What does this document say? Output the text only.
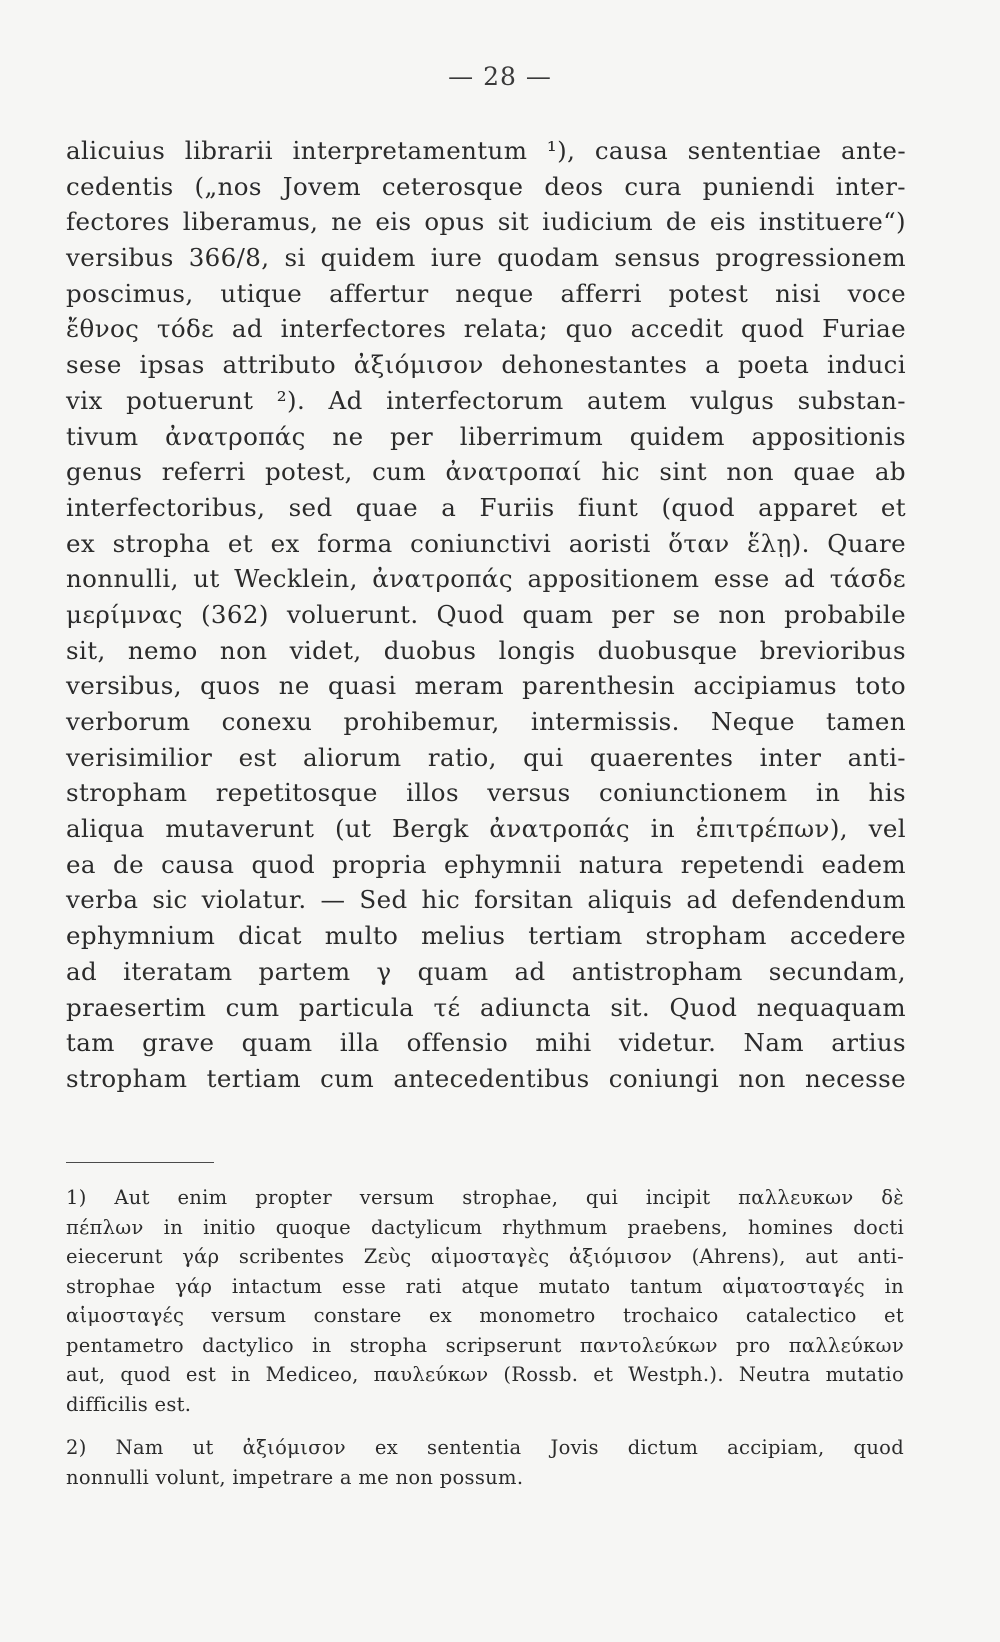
— 28 —
alicuius librarii interpretamentum ¹), causa sententiae ante-
cedentis („nos Jovem ceterosque deos cura puniendi inter-
fectores liberamus, ne eis opus sit iudicium de eis instituere“)
versibus 366/8, si quidem iure quodam sensus progressionem
poscimus, utique affertur neque afferri potest nisi voce
ἔθνος τόδε ad interfectores relata; quo accedit quod Furiae
sese ipsas attributo ἀξιόμισον dehonestantes a poeta induci
vix potuerunt ²). Ad interfectorum autem vulgus substan-
tivum ἀνατροπάς ne per liberrimum quidem appositionis
genus referri potest, cum ἀνατροπαί hic sint non quae ab
interfectoribus, sed quae a Furiis fiunt (quod apparet et
ex stropha et ex forma coniunctivi aoristi ὅταν ἕλῃ). Quare
nonnulli, ut Wecklein, ἀνατροπάς appositionem esse ad τάσδε
μερίμνας (362) voluerunt. Quod quam per se non probabile
sit, nemo non videt, duobus longis duobusque brevioribus
versibus, quos ne quasi meram parenthesin accipiamus toto
verborum conexu prohibemur, intermissis. Neque tamen
verisimilior est aliorum ratio, qui quaerentes inter anti-
stropham repetitosque illos versus coniunctionem in his
aliqua mutaverunt (ut Bergk ἀνατροπάς in ἐπιτρέπων), vel
ea de causa quod propria ephymnii natura repetendi eadem
verba sic violatur. — Sed hic forsitan aliquis ad defendendum
ephymnium dicat multo melius tertiam stropham accedere
ad iteratam partem γ quam ad antistropham secundam,
praesertim cum particula τέ adiuncta sit. Quod nequaquam
tam grave quam illa offensio mihi videtur. Nam artius
stropham tertiam cum antecedentibus coniungi non necesse
1) Aut enim propter versum strophae, qui incipit παλλευκων δὲ
πέπλων in initio quoque dactylicum rhythmum praebens, homines docti
eiecerunt γάρ scribentes Ζεὺς αἱμοσταγὲς ἀξιόμισον (Ahrens), aut anti-
strophae γάρ intactum esse rati atque mutato tantum αἱματοσταγές in
αἱμοσταγές versum constare ex monometro trochaico catalectico et
pentametro dactylico in stropha scripserunt παντολεύκων pro παλλεύκων
aut, quod est in Mediceo, παυλεύκων (Rossb. et Westph.). Neutra mutatio
difficilis est.
2) Nam ut ἀξιόμισον ex sententia Jovis dictum accipiam, quod
nonnulli volunt, impetrare a me non possum.
